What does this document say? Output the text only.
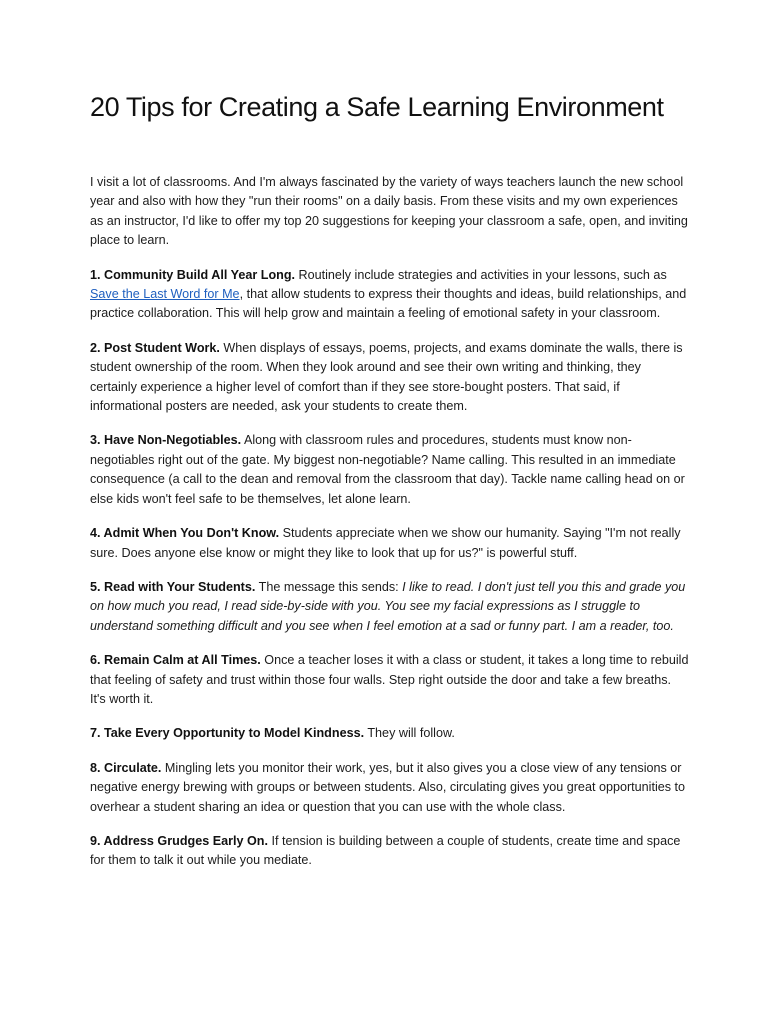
20 Tips for Creating a Safe Learning Environment

I visit a lot of classrooms. And I'm always fascinated by the variety of ways teachers launch the new school year and also with how they "run their rooms" on a daily basis. From these visits and my own experiences as an instructor, I'd like to offer my top 20 suggestions for keeping your classroom a safe, open, and inviting place to learn.

1. Community Build All Year Long. Routinely include strategies and activities in your lessons, such as Save the Last Word for Me, that allow students to express their thoughts and ideas, build relationships, and practice collaboration. This will help grow and maintain a feeling of emotional safety in your classroom.

2. Post Student Work. When displays of essays, poems, projects, and exams dominate the walls, there is student ownership of the room. When they look around and see their own writing and thinking, they certainly experience a higher level of comfort than if they see store-bought posters. That said, if informational posters are needed, ask your students to create them.

3. Have Non-Negotiables. Along with classroom rules and procedures, students must know non-negotiables right out of the gate. My biggest non-negotiable? Name calling. This resulted in an immediate consequence (a call to the dean and removal from the classroom that day). Tackle name calling head on or else kids won't feel safe to be themselves, let alone learn.

4. Admit When You Don't Know. Students appreciate when we show our humanity. Saying "I'm not really sure. Does anyone else know or might they like to look that up for us?" is powerful stuff.

5. Read with Your Students. The message this sends: I like to read. I don't just tell you this and grade you on how much you read, I read side-by-side with you. You see my facial expressions as I struggle to understand something difficult and you see when I feel emotion at a sad or funny part. I am a reader, too.

6. Remain Calm at All Times. Once a teacher loses it with a class or student, it takes a long time to rebuild that feeling of safety and trust within those four walls. Step right outside the door and take a few breaths. It's worth it.

7. Take Every Opportunity to Model Kindness. They will follow.

8. Circulate. Mingling lets you monitor their work, yes, but it also gives you a close view of any tensions or negative energy brewing with groups or between students. Also, circulating gives you great opportunities to overhear a student sharing an idea or question that you can use with the whole class.

9. Address Grudges Early On. If tension is building between a couple of students, create time and space for them to talk it out while you mediate.
